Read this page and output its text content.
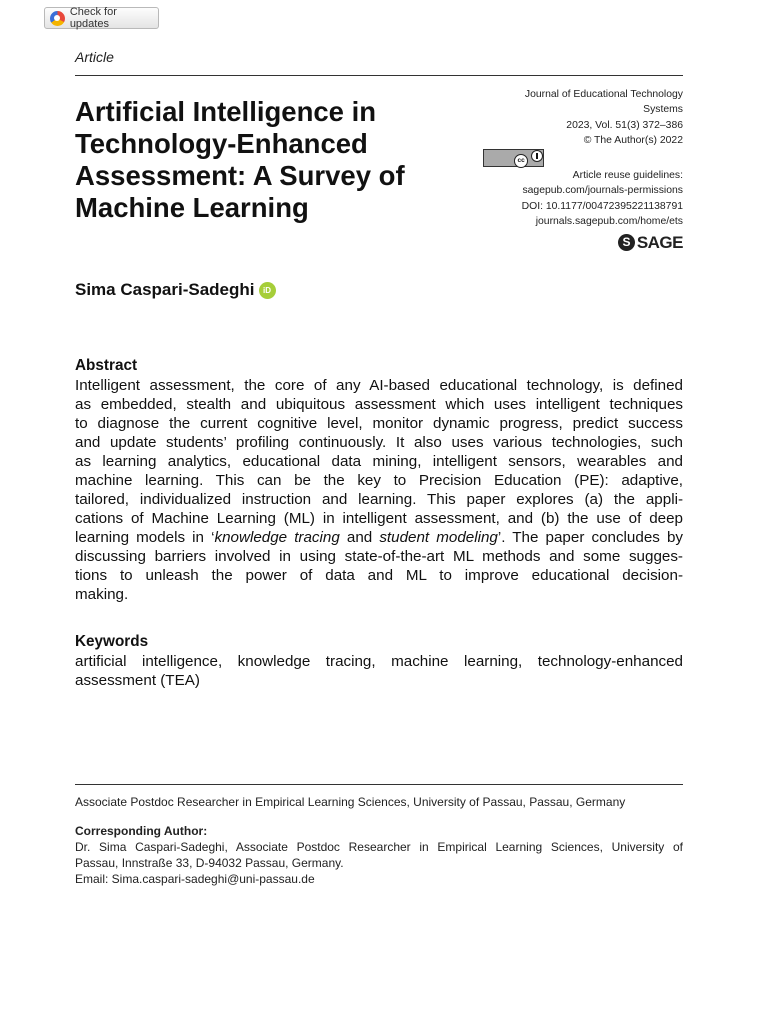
Check for updates
Article
Artificial Intelligence in
Technology-Enhanced
Assessment: A Survey of
Machine Learning
Journal of Educational Technology
Systems
2023, Vol. 51(3) 372–386
© The Author(s) 2022
cc
Article reuse guidelines:
sagepub.com/journals-permissions
DOI: 10.1177/00472395221138791
journals.sagepub.com/home/ets
S SAGE
Sima Caspari-Sadeghi	iD
Abstract
Intelligent assessment, the core of any AI-based educational technology, is defined
as embedded, stealth and ubiquitous assessment which uses intelligent techniques
to diagnose the current cognitive level, monitor dynamic progress, predict success
and update students’ profiling continuously. It also uses various technologies, such
as learning analytics, educational data mining, intelligent sensors, wearables and
machine learning. This can be the key to Precision Education (PE): adaptive,
tailored, individualized instruction and learning. This paper explores (a) the appli-
cations of Machine Learning (ML) in intelligent assessment, and (b) the use of deep
learning models in ‘knowledge tracing and student modeling’. The paper concludes by
discussing barriers involved in using state-of-the-art ML methods and some sugges-
tions to unleash the power of data and ML to improve educational decision-
making.
Keywords
artificial intelligence, knowledge tracing, machine learning, technology-enhanced
assessment (TEA)
Associate Postdoc Researcher in Empirical Learning Sciences, University of Passau, Passau, Germany
Corresponding Author:
Dr. Sima Caspari-Sadeghi, Associate Postdoc Researcher in Empirical Learning Sciences, University of
Passau, Innstraße 33, D-94032 Passau, Germany.
Email: Sima.caspari-sadeghi@uni-passau.de
